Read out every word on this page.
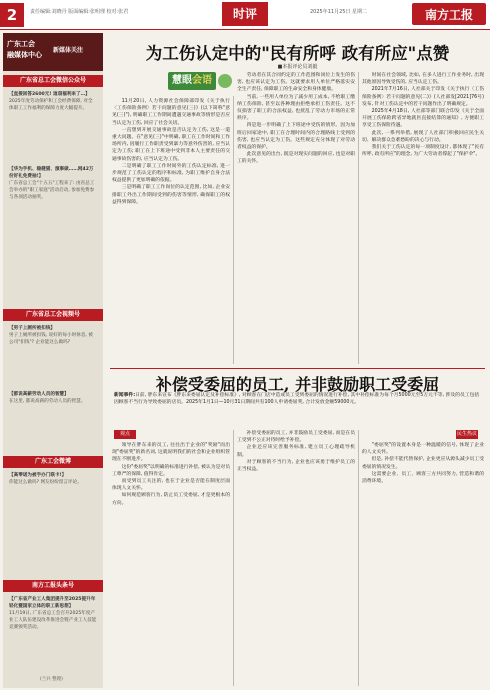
2	责任编辑:刘晓丹 版面编辑:张明理 校对:张君	时评	2025年11月25日 星期二	南方工报
广东工会
融媒体中心
新媒体关注
广东省总工会微信公众号
【直接回答2600元! 這項福利来了…】
2025年度劳动保护和工会经费保障, 对全体职工工作福利的保障力度大幅提升。
【华为手机、稳健猫、演事做……网42万份好礼免费抽!】
广东省总工会"十五五"工程来了: 由省总工会举办的"职工家庭"活动启动, 参加免费参与各项活动抽奖。
广东省总工会视频号
【男子上厕所被扣钱】
男子上厕所被扣钱, 说好的每小时休息, 被公司"扣钱"? 企业能这么做吗?
【都说高薪劳动人员的智慧】
在这里, 都说高薪的劳动人员的智慧。
广东工会微博
【高零诺为被手办门联卡!】
你能这么做吗? 网友纷纷留言评论。
南方工报头条号
【广东省产业工人集团提升至2025提升年轻化暨国家立体的职工新思想】
11月19日, 广东省总工会召开2025年度产业工人队伍建设改革推进会暨产业工人技能竞赛颁奖活动。
(兰兵 整理)
为工伤认定中的"民有所呼 政有所应"点赞
■本报评论员刘毅
慧眼会语

11月20日, 人力资源社会保障部印发《关于执行〈工伤保险条例〉若干问题的意见(三)》(以下简称"意见(三)"), 明确职工工作期间遭遇交通事故等情形是否应当认定为工伤, 回应了社会关切。

一直想到开展交通事故是否认定为工伤, 这是一道重大问题。在"意见(三)"中明确, 职工在工作时间和工作场所内, 因履行工作职责受到暴力等意外伤害的, 应当认定为工伤; 职工在上下班途中受到非本人主要责任的交通事故伤害的, 应当认定为工伤。

二是明确了职工工作时间外的工伤认定标准, 进一步规范了工伤认定的程序和标准, 为职工维护自身合法权益提供了更加明确的依据。

三是明确了职工工作岗位的认定范围, 比如, 企业安排职工外出工作期间受到的伤害等情形, 确保职工的权益得到保障。

劳动者在其合同约定的工作范围和岗位上发生的伤害, 也应该认定为工伤。这就要求用人单位严格落实安全生产责任, 保障职工的生命安全和身体健康。

当前, 一些用人单位为了减少用工成本, 不给职工缴纳工伤保险, 甚至以各种理由拒绝承担工伤责任。这不仅损害了职工的合法权益, 也扰乱了劳动力市场的正常秩序。

四是进一步明确了上下班途中受伤的情形。因为加班后回家途中, 职工在合理时间内的合理路线上受到的伤害, 也应当认定为工伤。这些规定充分体现了对劳动者权益的保护。

此次意见的出台, 既是对现实问题的回应, 也是对职工的关怀。

时间在社会领域, 比如, 在多人进行工作业务时, 出现其他原因导致受伤的, 应当认定工伤。

2021年7月16日, 人社部关于印发《关于执行〈工伤保险条例〉若干问题的意见(二)》(人社部发[2021]76号)发布, 针对工伤认定中的若干问题作出了明确规定。

2025年4月18日, 人社部等部门联合印发《关于全面开展工伤保险跨省异地就医直接结算的通知》, 方便职工享受工伤保险待遇。

此次, 一系列举措, 展现了人社部门积极回应民生关切、解决群众急难愁盼的决心与行动。

我们关于工伤认定的每一项制度设计, 都体现了"民有所呼, 政有所应"的理念, 为广大劳动者撑起了"保护伞"。

补偿受委屈的员工, 并非鼓励职工受委屈
新闻事件:日前, 胖东来宣布《胖东来委屈认定及补偿标准》, 对顾客在门店中造成员工受到委屈的情况进行补偿, 其中补偿标准为每个月5000元至5万元不等, 涉及的员工包括因顾客不当行为导致委屈的店员。2025年1月1日—10月31日期间共有100人申请委屈奖, 合计发放金额59000元。
观点	民生热议

领导在胖东来的员工, 往往出于企业的"奖励"而出现"委屈奖"的新名词, 这就说明我们的社会和企业组织管理在不断进步。

这份"委屈奖"以明确的标准进行补偿, 被认为是对员工尊严的保障, 值得肯定。

而受到员工关注的, 也在于企业是否能在制度层面体现人文关怀。

如何规范顾客行为, 防止员工受委屈, 才是更根本的方向。

补偿受委屈的员工, 并非鼓励员工受委屈, 而是在员工受到不公正对待时给予补偿。

企业还应该完善服务标准, 建立员工心理疏导机制。

对于顾客的不当行为, 企业也应该勇于维护员工的正当权益。

"委屈奖"的设置本身是一种温暖的信号, 体现了企业的人文关怀。

但是, 补偿不能代替保护, 企业更应从源头减少员工受委屈的情况发生。

这需要企业、员工、顾客三方共同努力, 营造和谐的消费环境。
